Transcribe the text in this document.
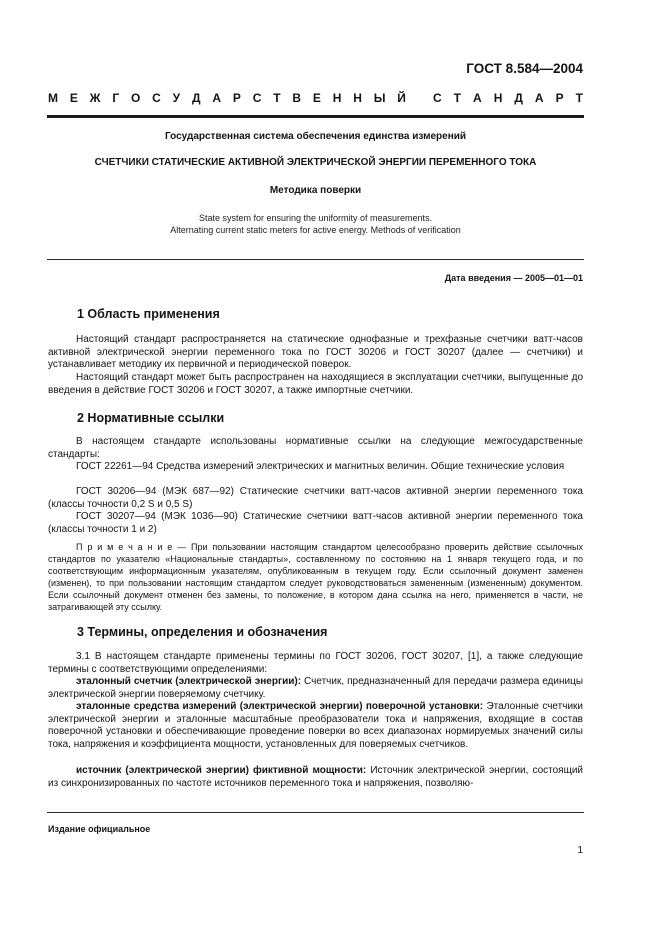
ГОСТ 8.584—2004
М Е Ж Г О С У Д А Р С Т В Е Н Н Ы Й С Т А Н Д А Р Т
Государственная система обеспечения единства измерений
СЧЕТЧИКИ СТАТИЧЕСКИЕ АКТИВНОЙ ЭЛЕКТРИЧЕСКОЙ ЭНЕРГИИ ПЕРЕМЕННОГО ТОКА
Методика поверки
State system for ensuring the uniformity of measurements.
Alternating current static meters for active energy. Methods of verification
Дата введения — 2005—01—01
1 Область применения
Настоящий стандарт распространяется на статические однофазные и трехфазные счетчики ватт-часов активной электрической энергии переменного тока по ГОСТ 30206 и ГОСТ 30207 (далее — счетчики) и устанавливает методику их первичной и периодической поверок.
Настоящий стандарт может быть распространен на находящиеся в эксплуатации счетчики, выпущенные до введения в действие ГОСТ 30206 и ГОСТ 30207, а также импортные счетчики.
2 Нормативные ссылки
В настоящем стандарте использованы нормативные ссылки на следующие межгосударственные стандарты:
ГОСТ 22261—94 Средства измерений электрических и магнитных величин. Общие технические условия
ГОСТ 30206—94 (МЭК 687—92) Статические счетчики ватт-часов активной энергии переменного тока (классы точности 0,2 S и 0,5 S)
ГОСТ 30207—94 (МЭК 1036—90) Статические счетчики ватт-часов активной энергии переменного тока (классы точности 1 и 2)
П р и м е ч а н и е — При пользовании настоящим стандартом целесообразно проверить действие ссылочных стандартов по указателю «Национальные стандарты», составленному по состоянию на 1 января текущего года, и по соответствующим информационным указателям, опубликованным в текущем году. Если ссылочный документ заменен (изменен), то при пользовании настоящим стандартом следует руководствоваться замененным (измененным) документом. Если ссылочный документ отменен без замены, то положение, в котором дана ссылка на него, применяется в части, не затрагивающей эту ссылку.
3 Термины, определения и обозначения
3.1 В настоящем стандарте применены термины по ГОСТ 30206, ГОСТ 30207, [1], а также следующие термины с соответствующими определениями:
эталонный счетчик (электрической энергии): Счетчик, предназначенный для передачи размера единицы электрической энергии поверяемому счетчику.
эталонные средства измерений (электрической энергии) поверочной установки: Эталонные счетчики электрической энергии и эталонные масштабные преобразователи тока и напряжения, входящие в состав поверочной установки и обеспечивающие проведение поверки во всех диапазонах нормируемых значений силы тока, напряжения и коэффициента мощности, установленных для поверяемых счетчиков.
источник (электрической энергии) фиктивной мощности: Источник электрической энергии, состоящий из синхронизированных по частоте источников переменного тока и напряжения, позволяю-
Издание официальное
1
